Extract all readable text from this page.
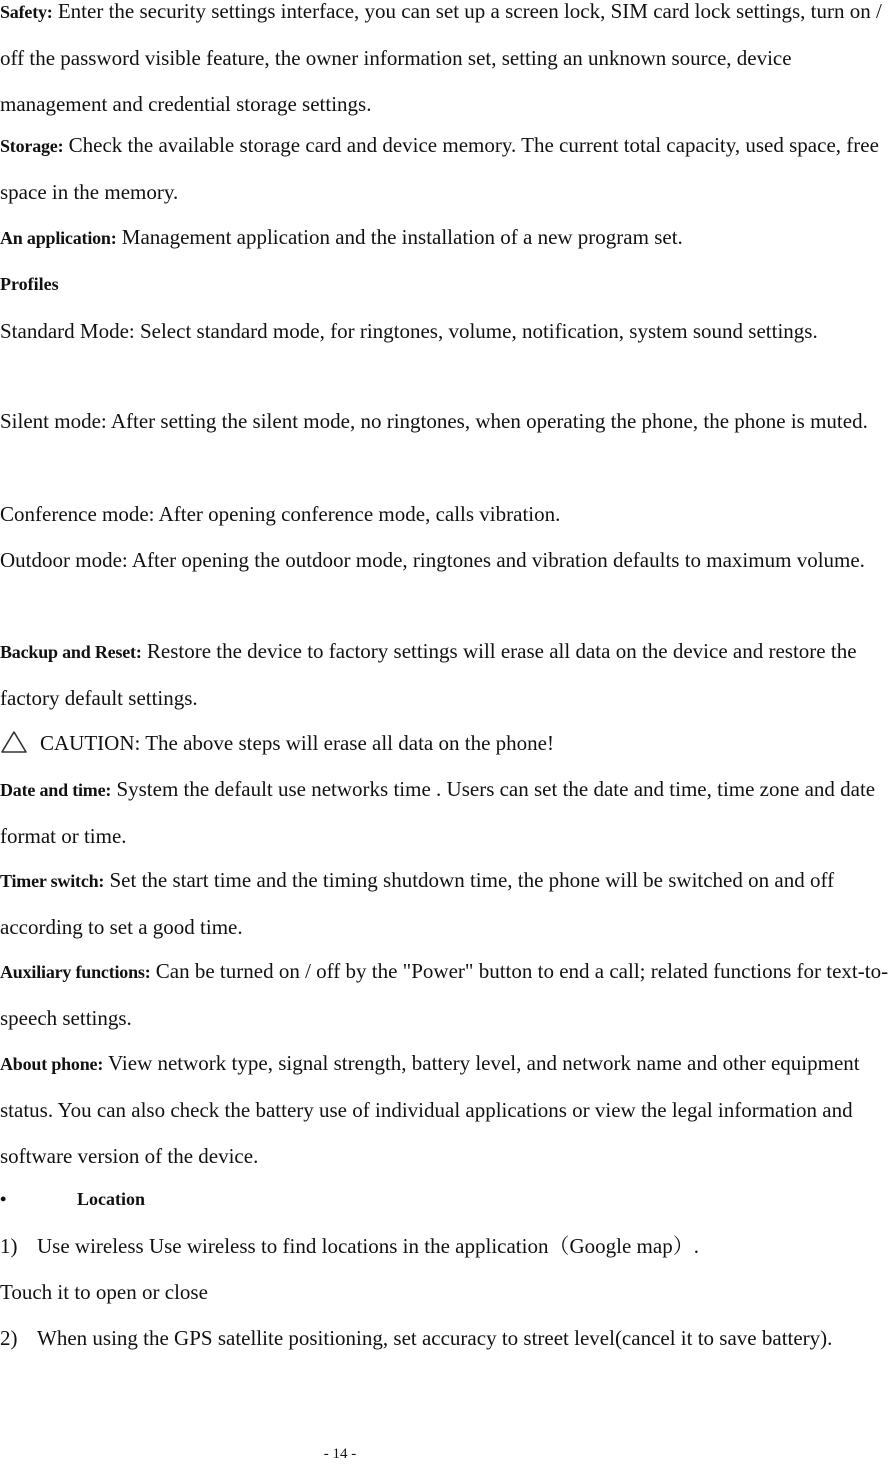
Safety: Enter the security settings interface, you can set up a screen lock, SIM card lock settings, turn on / off the password visible feature, the owner information set, setting an unknown source, device management and credential storage settings.

Storage: Check the available storage card and device memory. The current total capacity, used space, free space in the memory.

An application: Management application and the installation of a new program set.

Profiles

Standard Mode: Select standard mode, for ringtones, volume, notification, system sound settings.

Silent mode: After setting the silent mode, no ringtones, when operating the phone, the phone is muted.

Conference mode: After opening conference mode, calls vibration.

Outdoor mode: After opening the outdoor mode, ringtones and vibration defaults to maximum volume.

Backup and Reset: Restore the device to factory settings will erase all data on the device and restore the factory default settings.

CAUTION: The above steps will erase all data on the phone!

Date and time: System the default use networks time . Users can set the date and time, time zone and date format or time.

Timer switch: Set the start time and the timing shutdown time, the phone will be switched on and off according to set a good time.

Auxiliary functions: Can be turned on / off by the "Power" button to end a call; related functions for text-to-speech settings.

About phone: View network type, signal strength, battery level, and network name and other equipment status. You can also check the battery use of individual applications or view the legal information and software version of the device.

•	Location
1) Use wireless Use wireless to find locations in the application（Google map）.

Touch it to open or close

2) When using the GPS satellite positioning, set accuracy to street level(cancel it to save battery).
- 14 -
